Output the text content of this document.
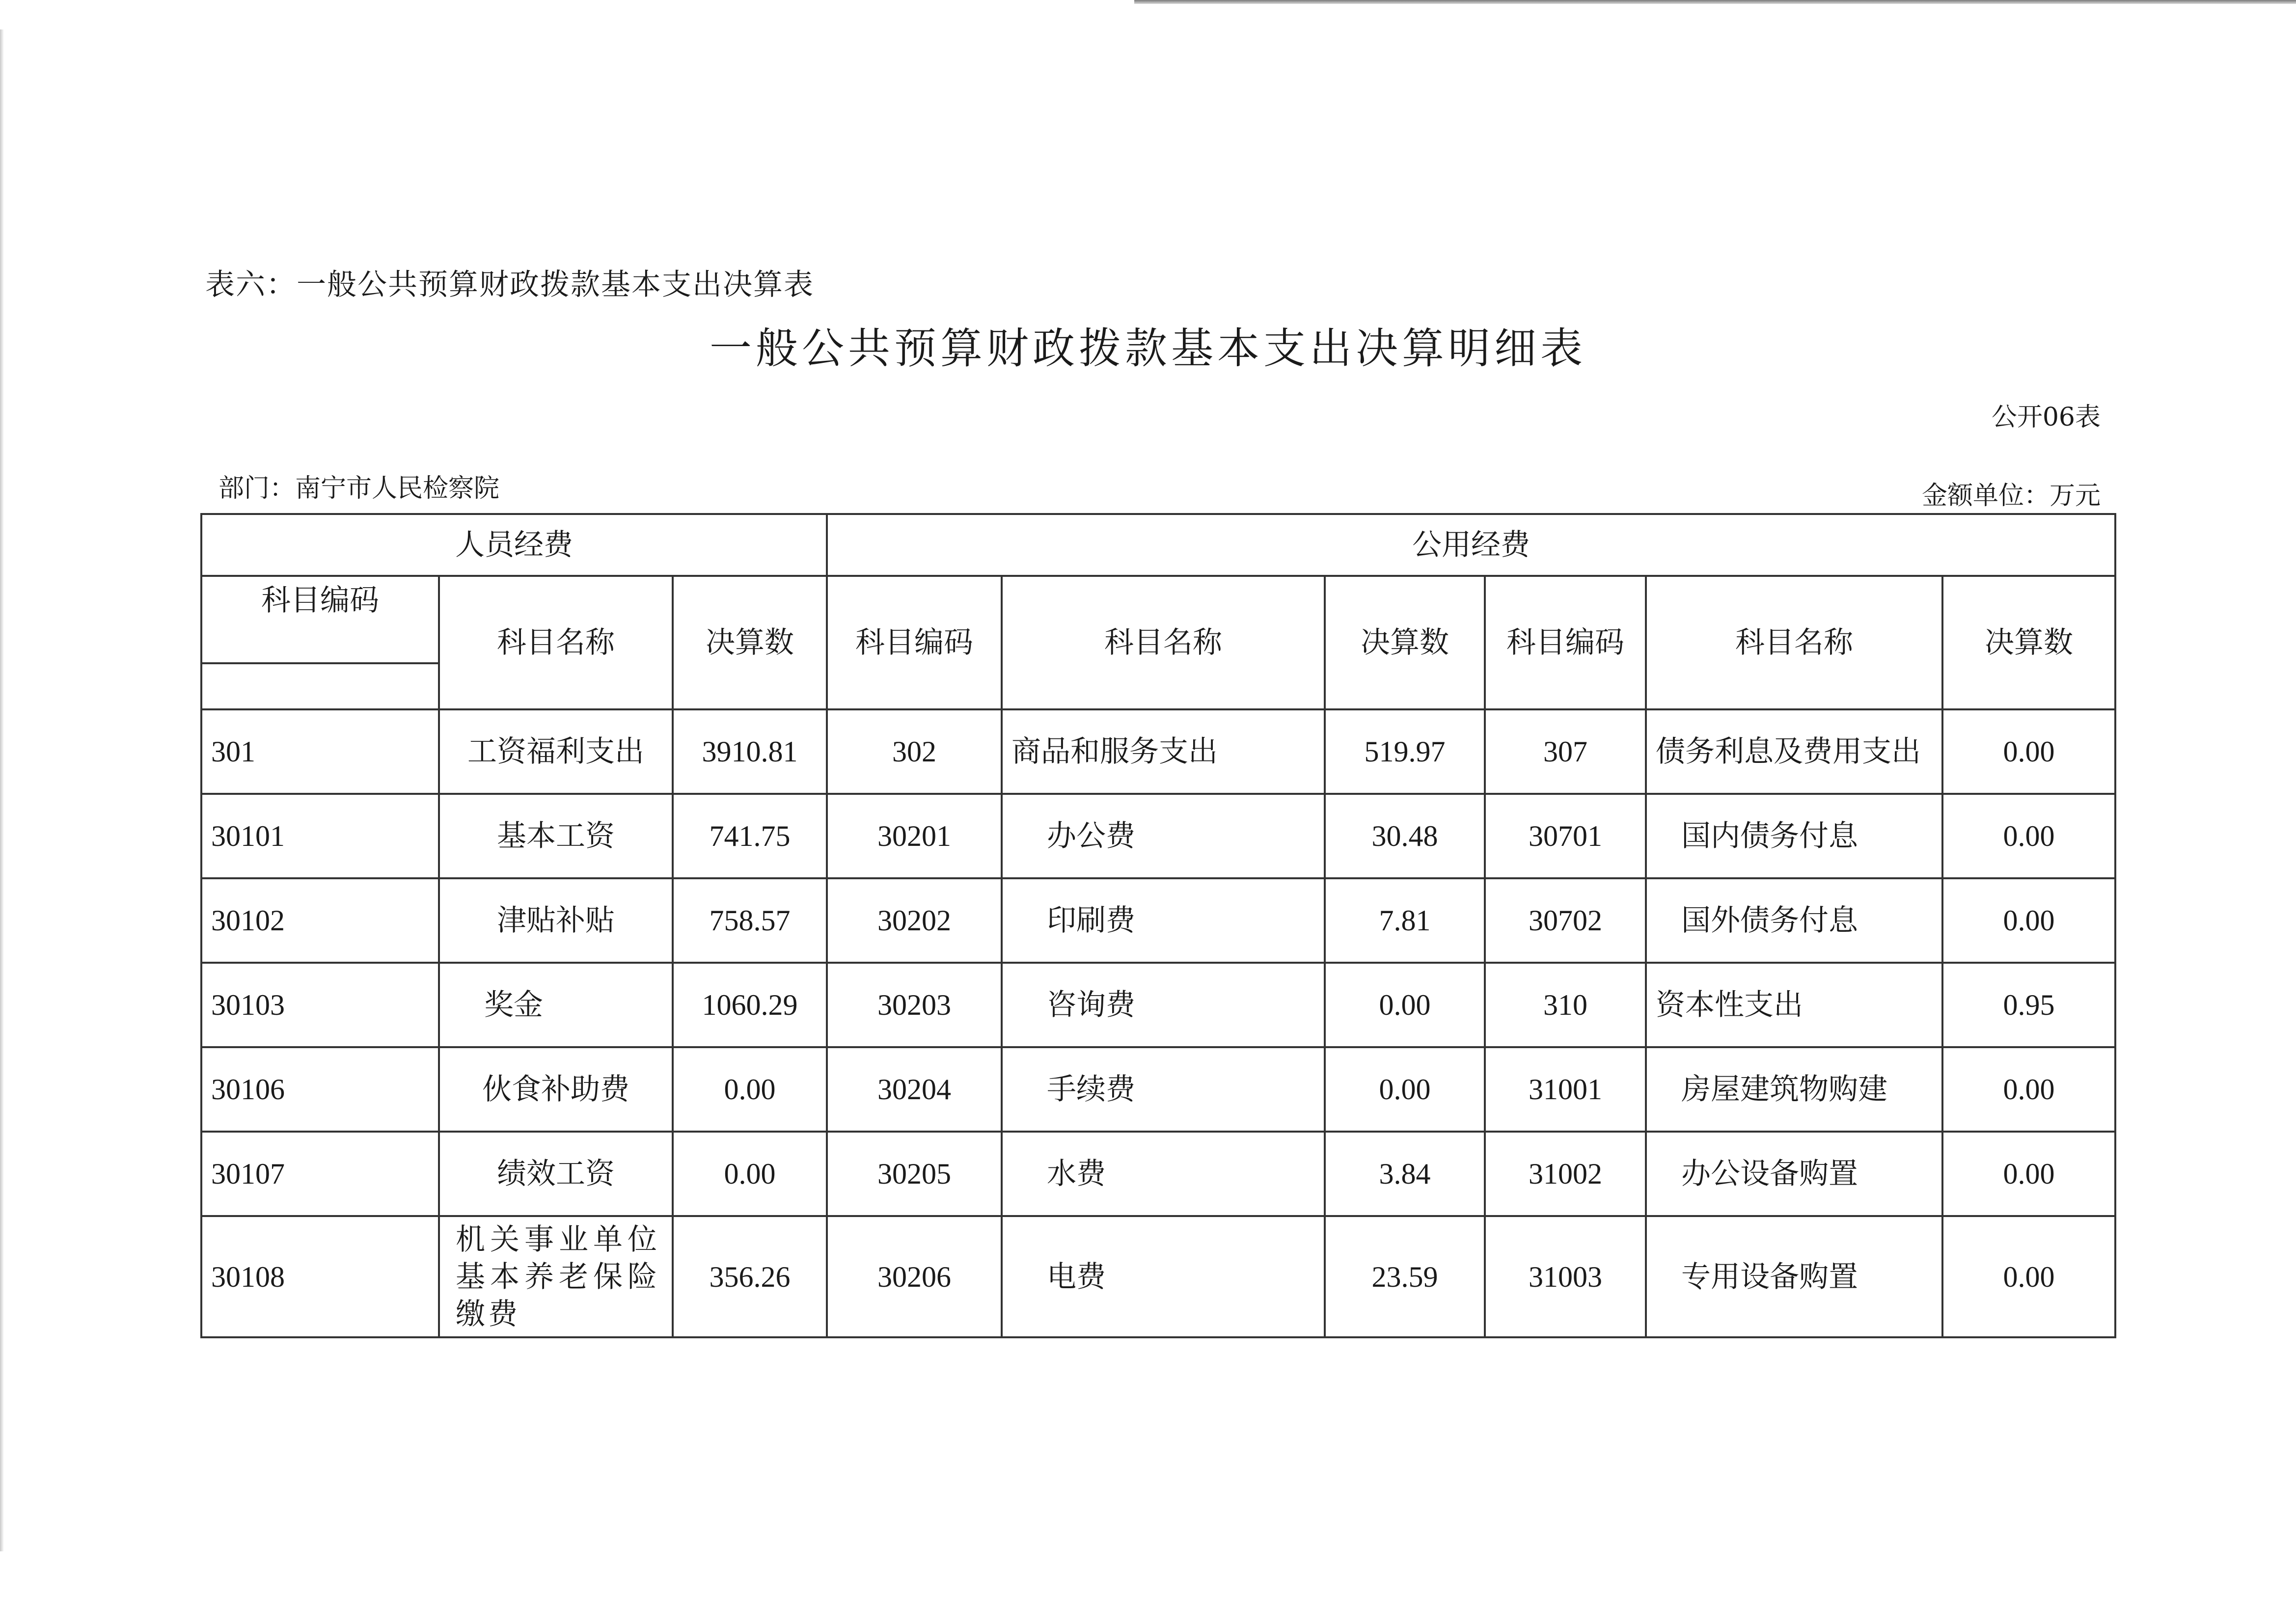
表六：一般公共预算财政拨款基本支出决算表
一般公共预算财政拨款基本支出决算明细表
公开06表
部门：南宁市人民检察院	金额单位：万元
人员经费			公用经费					
科目编码	科目名称	决算数	科目编码	科目名称	决算数	科目编码	科目名称	决算数

301	工资福利支出	3910.81	302	商品和服务支出	519.97	307	债务利息及费用支出	0.00
30101	基本工资	741.75	30201	办公费	30.48	30701	国内债务付息	0.00
30102	津贴补贴	758.57	30202	印刷费	7.81	30702	国外债务付息	0.00
30103	奖金	1060.29	30203	咨询费	0.00	310	资本性支出	0.95
30106	伙食补助费	0.00	30204	手续费	0.00	31001	房屋建筑物购建	0.00
30107	绩效工资	0.00	30205	水费	3.84	31002	办公设备购置	0.00
30108	机关事业单位基本养老保险缴费	356.26	30206	电费	23.59	31003	专用设备购置	0.00
